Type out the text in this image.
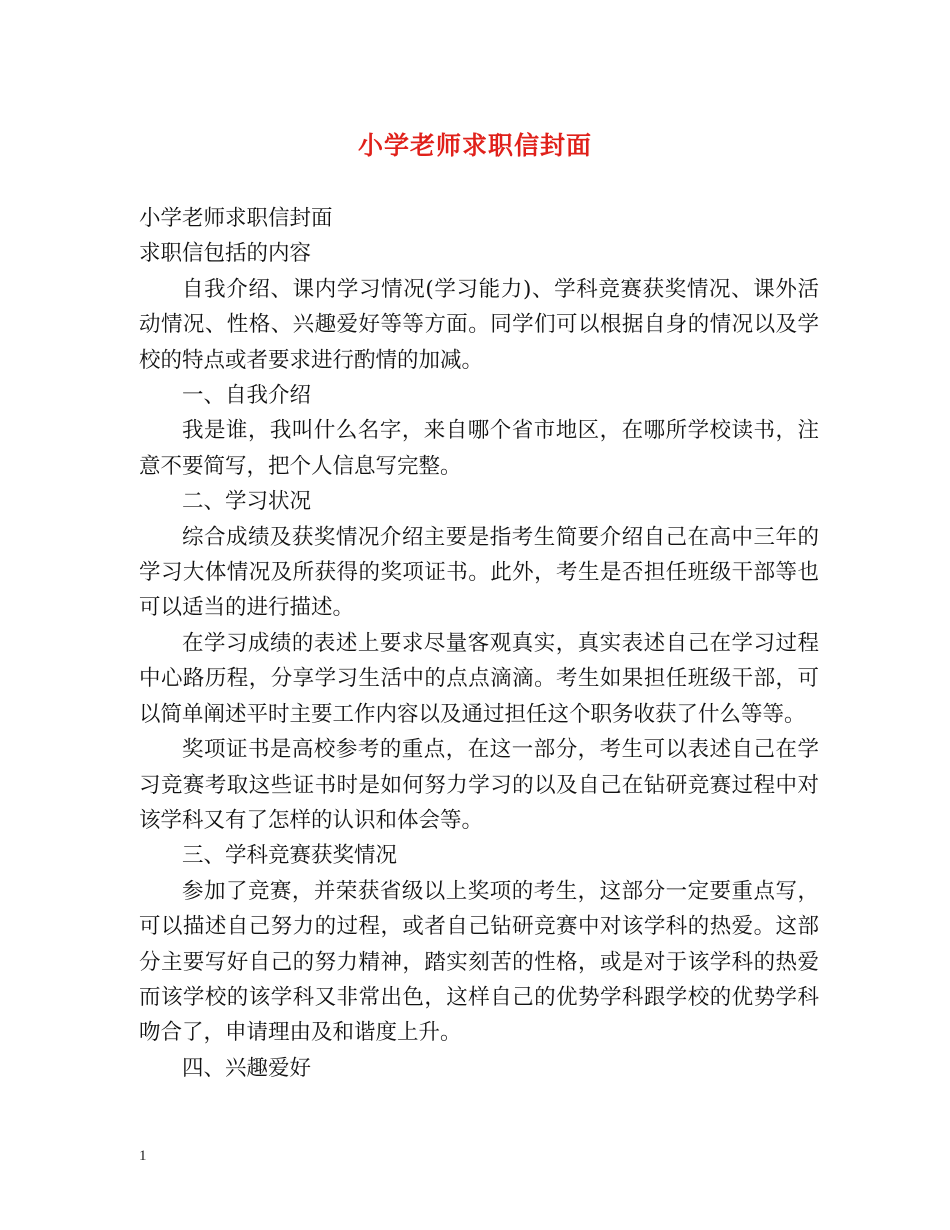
小学老师求职信封面

小学老师求职信封面

求职信包括的内容

自我介绍、课内学习情况(学习能力)、学科竞赛获奖情况、课外活动情况、性格、兴趣爱好等等方面。同学们可以根据自身的情况以及学校的特点或者要求进行酌情的加减。

一、自我介绍

我是谁，我叫什么名字，来自哪个省市地区，在哪所学校读书，注意不要简写，把个人信息写完整。

二、学习状况

综合成绩及获奖情况介绍主要是指考生简要介绍自己在高中三年的学习大体情况及所获得的奖项证书。此外，考生是否担任班级干部等也可以适当的进行描述。

在学习成绩的表述上要求尽量客观真实，真实表述自己在学习过程中心路历程，分享学习生活中的点点滴滴。考生如果担任班级干部，可以简单阐述平时主要工作内容以及通过担任这个职务收获了什么等等。

奖项证书是高校参考的重点，在这一部分，考生可以表述自己在学习竞赛考取这些证书时是如何努力学习的以及自己在钻研竞赛过程中对该学科又有了怎样的认识和体会等。

三、学科竞赛获奖情况

参加了竞赛，并荣获省级以上奖项的考生，这部分一定要重点写，可以描述自己努力的过程，或者自己钻研竞赛中对该学科的热爱。这部分主要写好自己的努力精神，踏实刻苦的性格，或是对于该学科的热爱而该学校的该学科又非常出色，这样自己的优势学科跟学校的优势学科吻合了，申请理由及和谐度上升。

四、兴趣爱好

1
